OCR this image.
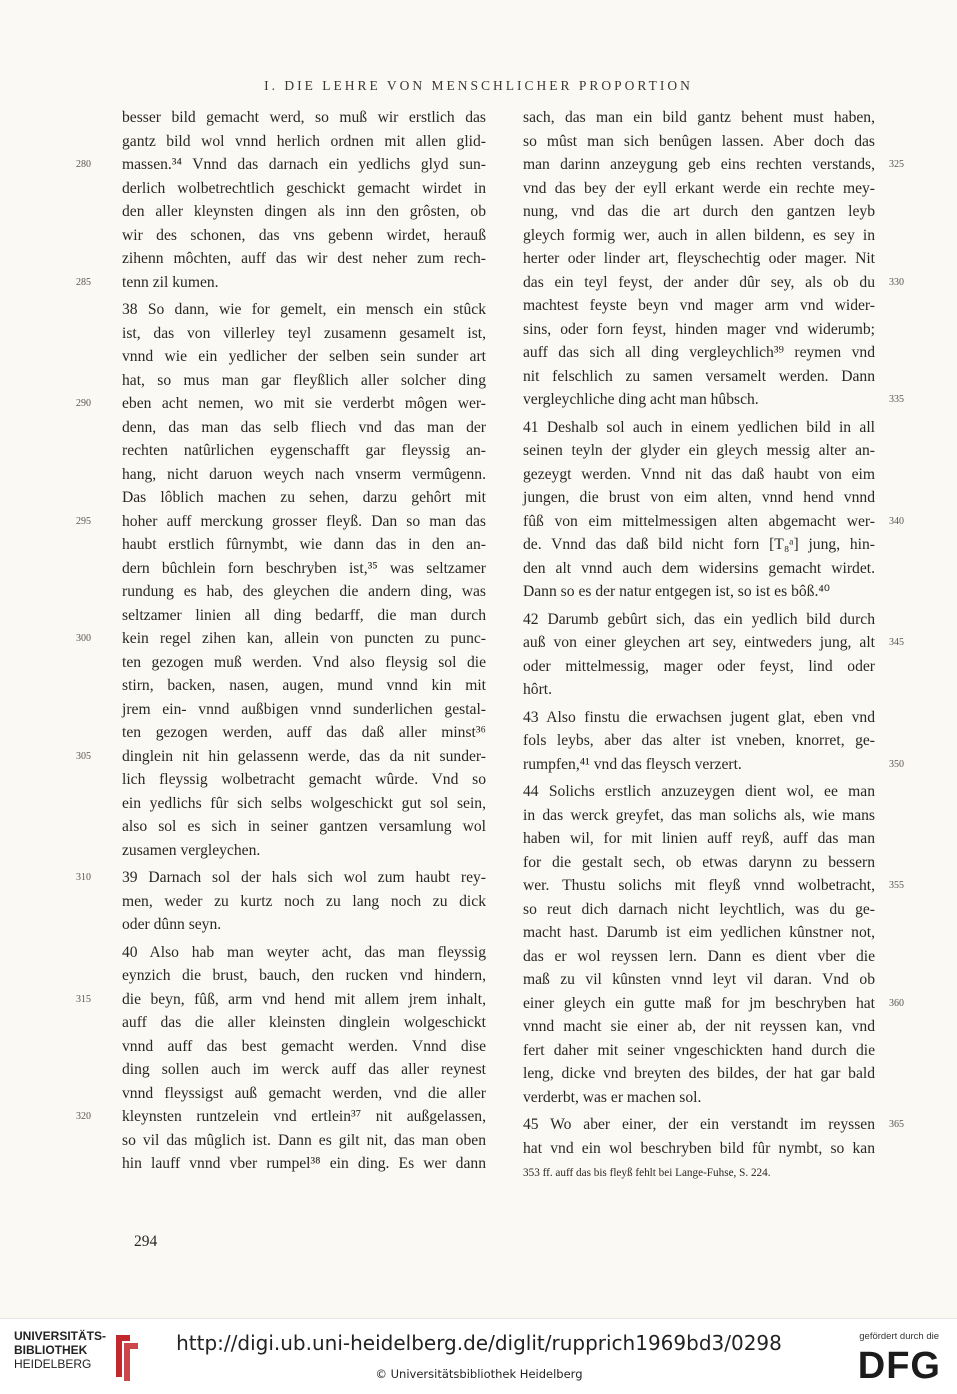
I. DIE LEHRE VON MENSCHLICHER PROPORTION
besser bild gemacht werd, so muß wir erstlich das
gantz bild wol vnnd herlich ordnen mit allen glid-
massen.³⁴ Vnnd das darnach ein yedlichs glyd sun-
280
derlich wolbetrechtlich geschickt gemacht wirdet in
den aller kleynsten dingen als inn den grôsten, ob
wir des schonen, das vns gebenn wirdet, herauß
zihenn môchten, auff das wir dest neher zum rech-
tenn zil kumen.
285
38 So dann, wie for gemelt, ein mensch ein stûck
ist, das von villerley teyl zusamenn gesamelt ist,
vnnd wie ein yedlicher der selben sein sunder art
hat, so mus man gar fleyßlich aller solcher ding
eben acht nemen, wo mit sie verderbt môgen wer-
290
denn, das man das selb fliech vnd das man der
rechten natûrlichen eygenschafft gar fleyssig an-
hang, nicht daruon weych nach vnserm vermûgenn.
Das lôblich machen zu sehen, darzu gehôrt mit
hoher auff merckung grosser fleyß. Dan so man das
295
haubt erstlich fûrnymbt, wie dann das in den an-
dern bûchlein forn beschryben ist,³⁵ was seltzamer
rundung es hab, des gleychen die andern ding, was
seltzamer linien all ding bedarff, die man durch
kein regel zihen kan, allein von puncten zu punc-
300
ten gezogen muß werden. Vnd also fleysig sol die
stirn, backen, nasen, augen, mund vnnd kin mit
jrem ein- vnnd außbigen vnnd sunderlichen gestal-
ten gezogen werden, auff das daß aller minst³⁶
dinglein nit hin gelassenn werde, das da nit sunder-
305
lich fleyssig wolbetracht gemacht wûrde. Vnd so
ein yedlichs fûr sich selbs wolgeschickt gut sol sein,
also sol es sich in seiner gantzen versamlung wol
zusamen vergleychen.
39 Darnach sol der hals sich wol zum haubt rey-
310
men, weder zu kurtz noch zu lang noch zu dick
oder dûnn seyn.
40 Also hab man weyter acht, das man fleyssig
eynzich die brust, bauch, den rucken vnd hindern,
die beyn, fûß, arm vnd hend mit allem jrem inhalt,
315
auff das die aller kleinsten dinglein wolgeschickt
vnnd auff das best gemacht werden. Vnnd dise
ding sollen auch im werck auff das aller reynest
vnnd fleyssigst auß gemacht werden, vnd die aller
kleynsten runtzelein vnd ertlein³⁷ nit außgelassen,
320
so vil das mûglich ist. Dann es gilt nit, das man oben
hin lauff vnnd vber rumpel³⁸ ein ding. Es wer dann
sach, das man ein bild gantz behent must haben,
so mûst man sich benûgen lassen. Aber doch das
man darinn anzeygung geb eins rechten verstands, 325
vnd das bey der eyll erkant werde ein rechte mey-
nung, vnd das die art durch den gantzen leyb
gleych formig wer, auch in allen bildenn, es sey in
herter oder linder art, fleyschechtig oder mager. Nit
das ein teyl feyst, der ander dûr sey, als ob du 330
machtest feyste beyn vnd mager arm vnd wider-
sins, oder forn feyst, hinden mager vnd widerumb;
auff das sich all ding vergleychlich³⁹ reymen vnd
nit felschlich zu samen versamelt werden. Dann
vergleychliche ding acht man hûbsch.	335
41 Deshalb sol auch in einem yedlichen bild in all
seinen teyln der glyder ein gleych messig alter an-
gezeygt werden. Vnnd nit das daß haubt von eim
jungen, die brust von eim alten, vnnd hend vnnd
fûß von eim mittelmessigen alten abgemacht wer- 340
de. Vnnd das daß bild nicht forn [T₈ᵃ] jung, hin-
den alt vnnd auch dem widersins gemacht wirdet.
Dann so es der natur entgegen ist, so ist es bôß.⁴⁰
42 Darumb gebûrt sich, das ein yedlich bild durch
auß von einer gleychen art sey, eintweders jung, alt 345
oder mittelmessig, mager oder feyst, lind oder
hôrt.
43 Also finstu die erwachsen jugent glat, eben vnd
fols leybs, aber das alter ist vneben, knorret, ge-
rumpfen,⁴¹ vnd das fleysch verzert.	350
44 Solichs erstlich anzuzeygen dient wol, ee man
in das werck greyfet, das man solichs als, wie mans
haben wil, for mit linien auff reyß, auff das man
for die gestalt sech, ob etwas darynn zu bessern
wer. Thustu solichs mit fleyß vnnd wolbetracht, 355
so reut dich darnach nicht leychtlich, was du ge-
macht hast. Darumb ist eim yedlichen kûnstner not,
das er wol reyssen lern. Dann es dient vber die
maß zu vil kûnsten vnnd leyt vil daran. Vnd ob
einer gleych ein gutte maß for jm beschryben hat 360
vnnd macht sie einer ab, der nit reyssen kan, vnd
fert daher mit seiner vngeschickten hand durch die
leng, dicke vnd breyten des bildes, der hat gar bald
verderbt, was er machen sol.
45 Wo aber einer, der ein verstandt im reyssen 365
hat vnd ein wol beschryben bild fûr nymbt, so kan
353 ff. auff das bis fleyß fehlt bei Lange-Fuhse, S. 224.
294
UNIVERSITÄTS-
BIBLIOTHEK
HEIDELBERG
http://digi.ub.uni-heidelberg.de/diglit/rupprich1969bd3/0298
© Universitätsbibliothek Heidelberg
gefördert durch die
DFG
